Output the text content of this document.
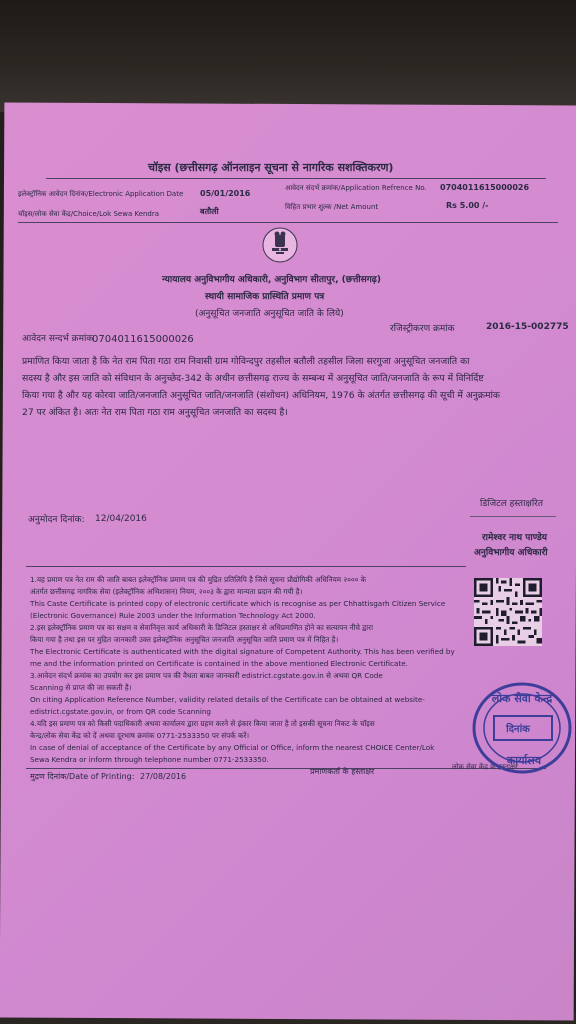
चॉइस (छत्तीसगढ़ ऑनलाइन सूचना से नागरिक सशक्तिकरण)
इलेक्ट्रॉनिक आवेदन दिनांक/Electronic Application Date 05/01/2016
आवेदन संदर्भ क्रमांक/Application Refrence No. 0704011615000026
चॉइस/लोक सेवा केंद्र/Choice/Lok Sewa Kendra	बतौली	विहित प्रभार शुल्क /Net Amount	Rs 5.00 /-
न्यायालय अनुविभागीय अधिकारी, अनुविभाग सीतापुर, (छत्तीसगढ़)
स्थायी सामाजिक प्रास्थिति प्रमाण पत्र
(अनुसूचित जनजाति अनुसूचित जाति के लिये)
आवेदन सन्दर्भ क्रमांक
0704011615000026
रजिस्ट्रीकरण क्रमांक	2016-15-002775
प्रमाणित किया जाता है कि नेत राम पिता गठा राम निवासी ग्राम गोविन्दपुर तहसील बतौली तहसील जिला सरगुजा अनुसूचित जनजाति का
सदस्य है और इस जाति को संविधान के अनुच्छेद-342 के अधीन छत्तीसगढ़ राज्य के सम्बन्ध में अनुसूचित जाति/जनजाति के रूप में विनिर्दिष्ट
किया गया है और यह कोरवा जाति/जनजाति अनुसूचित जाति/जनजाति (संशोधन) अधिनियम, 1976 के अंतर्गत छत्तीसगढ़ की सूची में अनुक्रमांक
27 पर अंकित है। अतः नेत राम पिता गठा राम अनुसूचित जनजाति का सदस्य है।
डिजिटल हस्ताक्षरित
रामेश्वर नाथ पाण्डेय
अनुविभागीय अधिकारी
अनुमोदन दिनांक: 12/04/2016
1.यह प्रमाण पत्र नेत राम की जाति बाबत इलेक्ट्रॉनिक प्रमाण पत्र की मुद्रित प्रतिलिपि है जिसे सूचना प्रौद्योगिकी अधिनियम २००० के
अंतर्गत छत्तीसगढ़ नागरिक सेवा (इलेक्ट्रॉनिक अभिशासन) नियम, २००३ के द्वारा मान्यता प्रदान की गयी है।
This Caste Certificate is printed copy of electronic certificate which is recognise as per Chhattisgarh Citizen Service
(Electronic Governance) Rule 2003 under the Information Technology Act 2000.
2.इस इलेक्ट्रॉनिक प्रमाण पत्र का सक्षम व सेवानिवृत्त कार्य अधिकारी के डिजिटल हस्ताक्षर से अधिप्रमाणित होने का सत्यापन नीचे द्वारा
किया गया है तथा इस पर मुद्रित जानकारी उक्त इलेक्ट्रॉनिक अनुसूचित जनजाति अनुसूचित जाति प्रमाण पत्र में निहित है।
The Electronic Certificate is authenticated with the digital signature of Competent Authority. This has been verified by
me and the information printed on Certificate is contained in the above mentioned Electronic Certificate.
3.आवेदन संदर्भ क्रमांक का उपयोग कर इस प्रमाण पत्र की वैधता बाबत जानकारी edistrict.cgstate.gov.in से अथवा QR Code
Scanning से प्राप्त की जा सकती है।
On citing Application Reference Number, validity related details of the Certificate can be obtained at website-
edistrict.cgstate.gov.in, or from QR code Scanning
4.यदि इस प्रमाण पत्र को किसी पदाधिकारी अथवा कार्यालय द्वारा ग्रहण करने से इंकार किया जाता है तो इसकी सूचना निकट के चॉइस
केन्द्र/लोक सेवा केंद्र को दें अथवा दूरभाष क्रमांक 0771-2533350 पर संपर्क करें।
In case of denial of acceptance of the Certificate by any Official or Office, inform the nearest CHOICE Center/Lok
Sewa Kendra or inform through telephone number 0771-2533350.
मुद्रण दिनांक/Date of Printing: 27/08/2016
प्रमाणकर्ता के हस्ताक्षर	लोक सेवा केंद्र के हस्ताक्षर
लोक सेवा केन्द्र
दिनांक
कार्यालय
